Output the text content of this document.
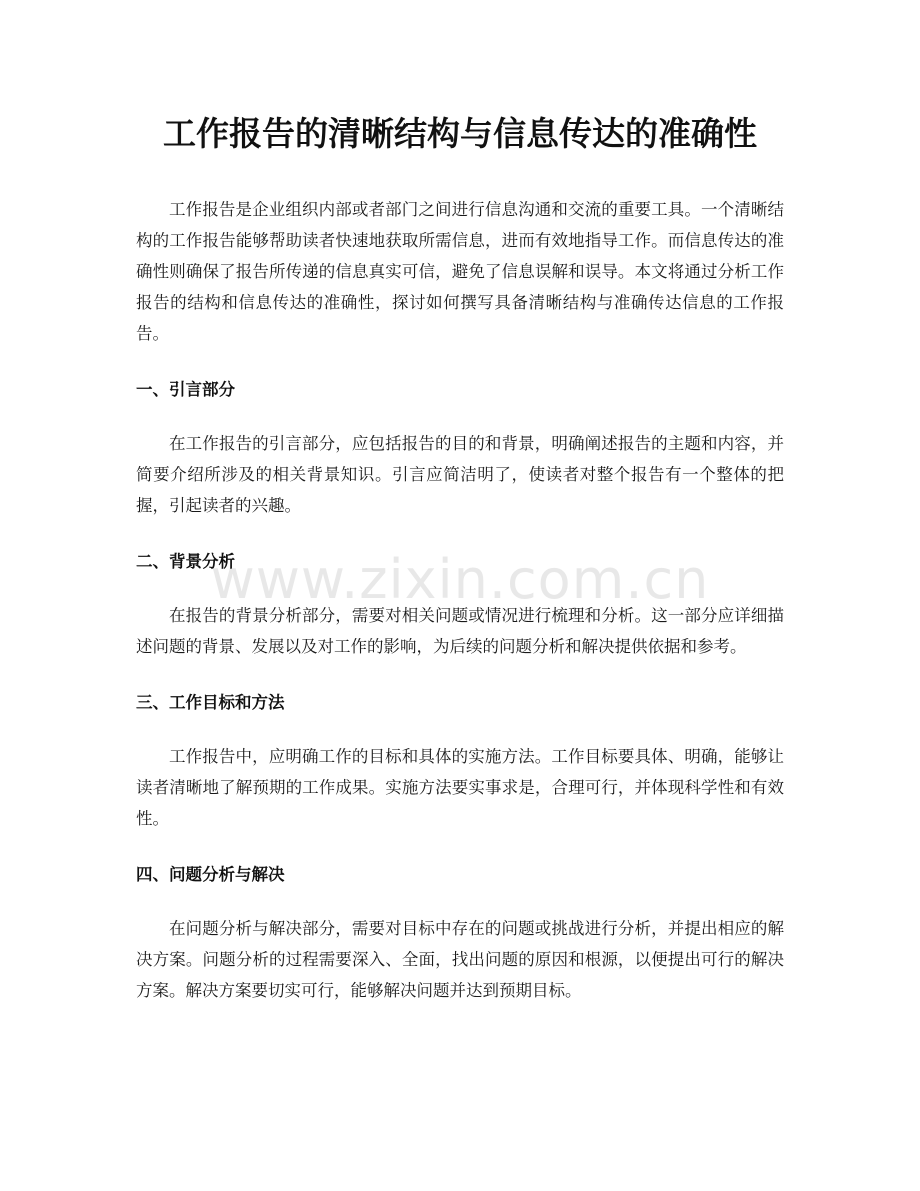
工作报告的清晰结构与信息传达的准确性

工作报告是企业组织内部或者部门之间进行信息沟通和交流的重要工具。一个清晰结构的工作报告能够帮助读者快速地获取所需信息，进而有效地指导工作。而信息传达的准确性则确保了报告所传递的信息真实可信，避免了信息误解和误导。本文将通过分析工作报告的结构和信息传达的准确性，探讨如何撰写具备清晰结构与准确传达信息的工作报告。

一、引言部分

在工作报告的引言部分，应包括报告的目的和背景，明确阐述报告的主题和内容，并简要介绍所涉及的相关背景知识。引言应简洁明了，使读者对整个报告有一个整体的把握，引起读者的兴趣。

二、背景分析

在报告的背景分析部分，需要对相关问题或情况进行梳理和分析。这一部分应详细描述问题的背景、发展以及对工作的影响，为后续的问题分析和解决提供依据和参考。

三、工作目标和方法

工作报告中，应明确工作的目标和具体的实施方法。工作目标要具体、明确，能够让读者清晰地了解预期的工作成果。实施方法要实事求是，合理可行，并体现科学性和有效性。

四、问题分析与解决

在问题分析与解决部分，需要对目标中存在的问题或挑战进行分析，并提出相应的解决方案。问题分析的过程需要深入、全面，找出问题的原因和根源，以便提出可行的解决方案。解决方案要切实可行，能够解决问题并达到预期目标。

www.zixin.com.cn
